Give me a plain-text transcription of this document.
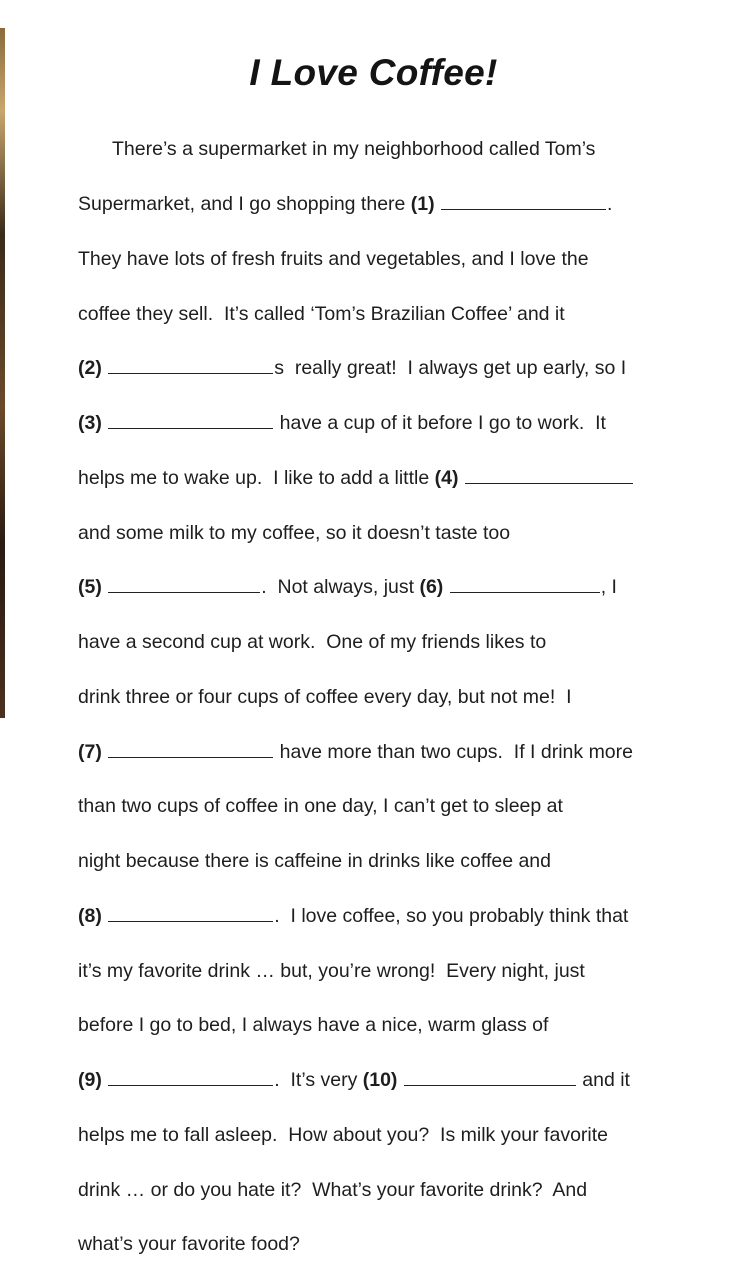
I Love Coffee!
There’s a supermarket in my neighborhood called Tom’s
Supermarket, and I go shopping there (1)	.
They have lots of fresh fruits and vegetables, and I love the
coffee they sell.  It’s called ‘Tom’s Brazilian Coffee’ and it
(2)	s  really great!  I always get up early, so I
(3)	have a cup of it before I go to work.  It
helps me to wake up.  I like to add a little (4)
and some milk to my coffee, so it doesn’t taste too
(5)	.  Not always, just (6)	, I
have a second cup at work.  One of my friends likes to
drink three or four cups of coffee every day, but not me!  I
(7)	have more than two cups.  If I drink more
than two cups of coffee in one day, I can’t get to sleep at
night because there is caffeine in drinks like coffee and
(8)	.  I love coffee, so you probably think that
it’s my favorite drink … but, you’re wrong!  Every night, just
before I go to bed, I always have a nice, warm glass of
(9)	.  It’s very (10)	and it
helps me to fall asleep.  How about you?  Is milk your favorite
drink … or do you hate it?  What’s your favorite drink?  And
what’s your favorite food?
